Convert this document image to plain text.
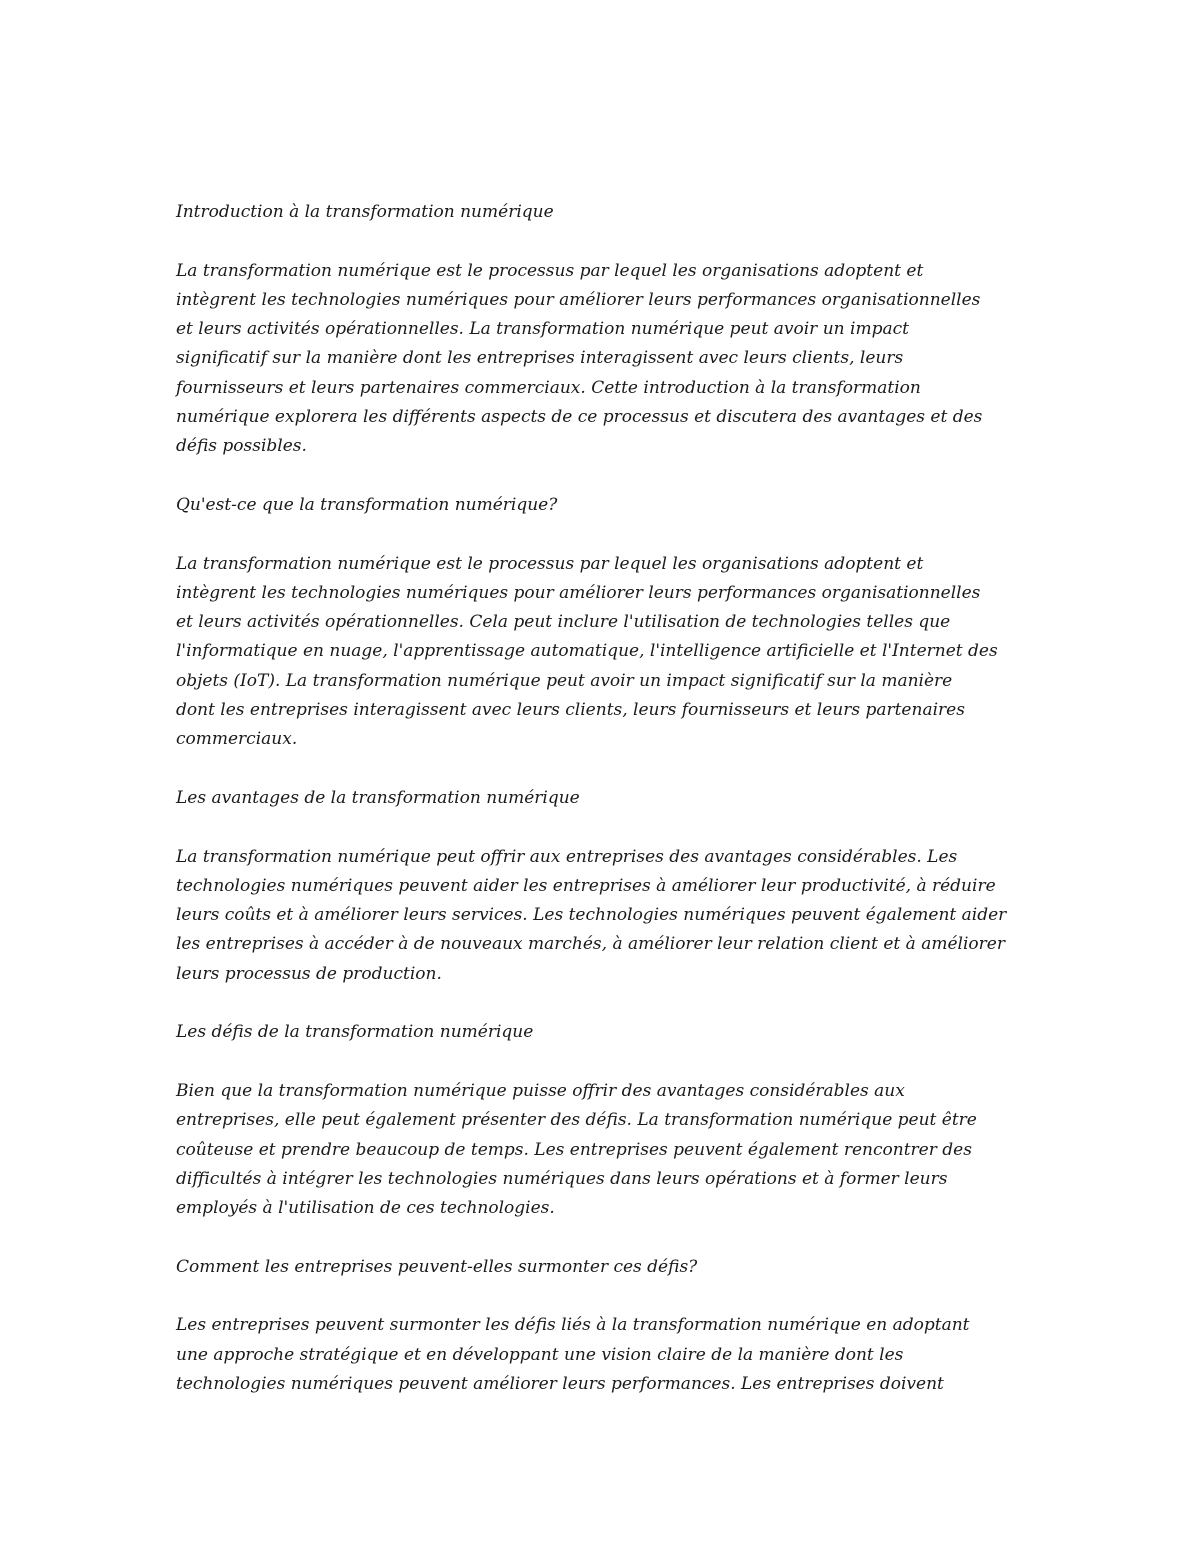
Introduction à la transformation numérique

La transformation numérique est le processus par lequel les organisations adoptent et
intègrent les technologies numériques pour améliorer leurs performances organisationnelles
et leurs activités opérationnelles. La transformation numérique peut avoir un impact
significatif sur la manière dont les entreprises interagissent avec leurs clients, leurs
fournisseurs et leurs partenaires commerciaux. Cette introduction à la transformation
numérique explorera les différents aspects de ce processus et discutera des avantages et des
défis possibles.

Qu'est-ce que la transformation numérique?

La transformation numérique est le processus par lequel les organisations adoptent et
intègrent les technologies numériques pour améliorer leurs performances organisationnelles
et leurs activités opérationnelles. Cela peut inclure l'utilisation de technologies telles que
l'informatique en nuage, l'apprentissage automatique, l'intelligence artificielle et l'Internet des
objets (IoT). La transformation numérique peut avoir un impact significatif sur la manière
dont les entreprises interagissent avec leurs clients, leurs fournisseurs et leurs partenaires
commerciaux.

Les avantages de la transformation numérique

La transformation numérique peut offrir aux entreprises des avantages considérables. Les
technologies numériques peuvent aider les entreprises à améliorer leur productivité, à réduire
leurs coûts et à améliorer leurs services. Les technologies numériques peuvent également aider
les entreprises à accéder à de nouveaux marchés, à améliorer leur relation client et à améliorer
leurs processus de production.

Les défis de la transformation numérique

Bien que la transformation numérique puisse offrir des avantages considérables aux
entreprises, elle peut également présenter des défis. La transformation numérique peut être
coûteuse et prendre beaucoup de temps. Les entreprises peuvent également rencontrer des
difficultés à intégrer les technologies numériques dans leurs opérations et à former leurs
employés à l'utilisation de ces technologies.

Comment les entreprises peuvent-elles surmonter ces défis?

Les entreprises peuvent surmonter les défis liés à la transformation numérique en adoptant
une approche stratégique et en développant une vision claire de la manière dont les
technologies numériques peuvent améliorer leurs performances. Les entreprises doivent
